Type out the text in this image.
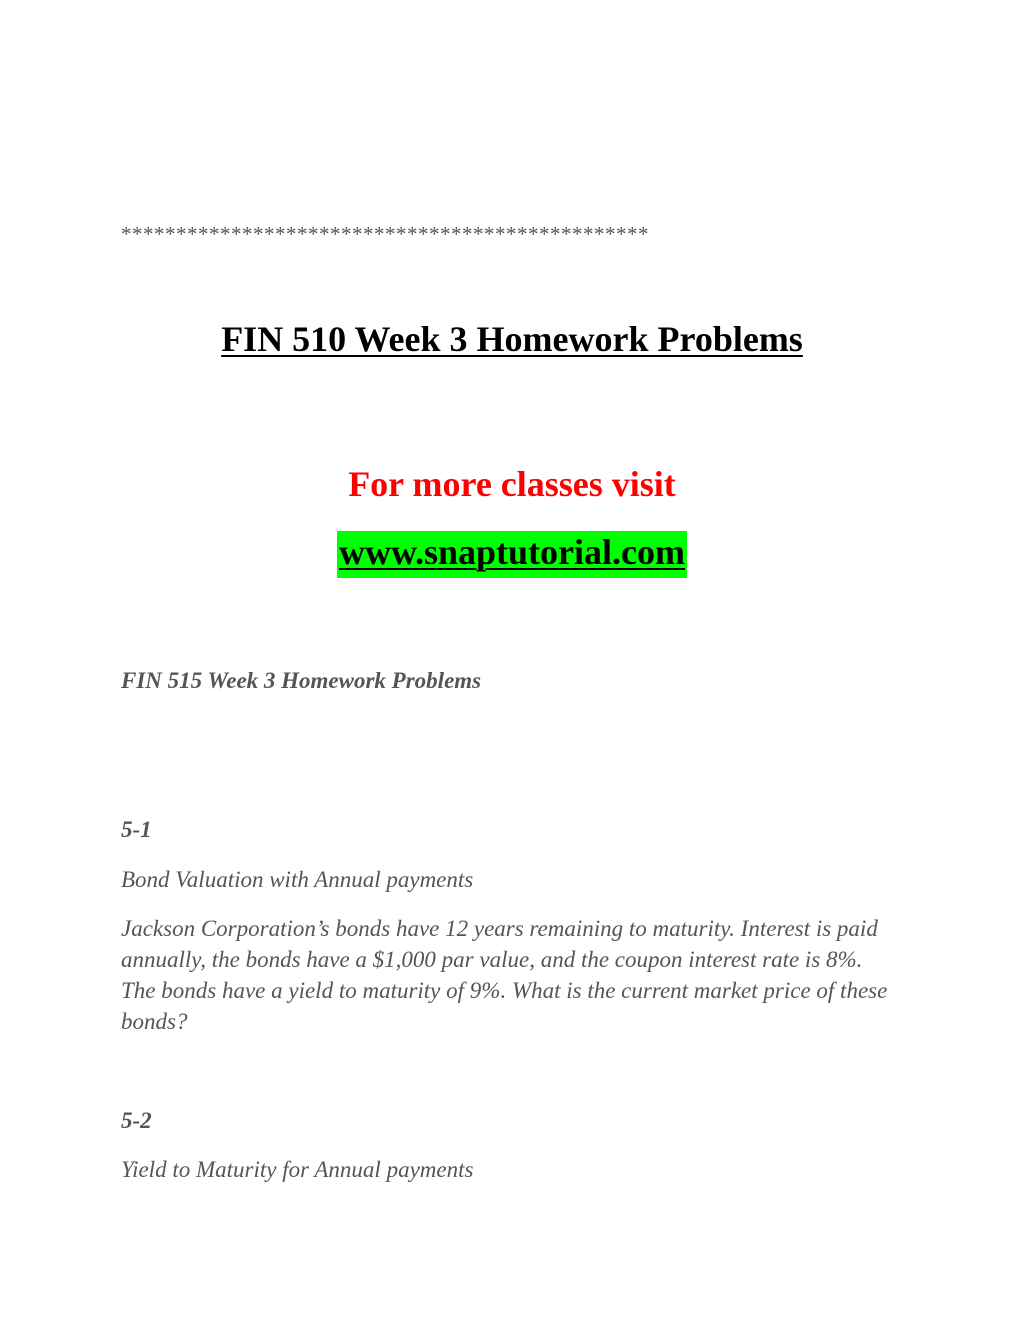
************************************************
FIN 510 Week 3 Homework Problems
For more classes visit
www.snaptutorial.com

FIN 515 Week 3 Homework Problems

5-1

Bond Valuation with Annual payments

Jackson Corporation’s bonds have 12 years remaining to maturity. Interest is paid annually, the bonds have a $1,000 par value, and the coupon interest rate is 8%. The bonds have a yield to maturity of 9%. What is the current market price of these bonds?

5-2

Yield to Maturity for Annual payments
